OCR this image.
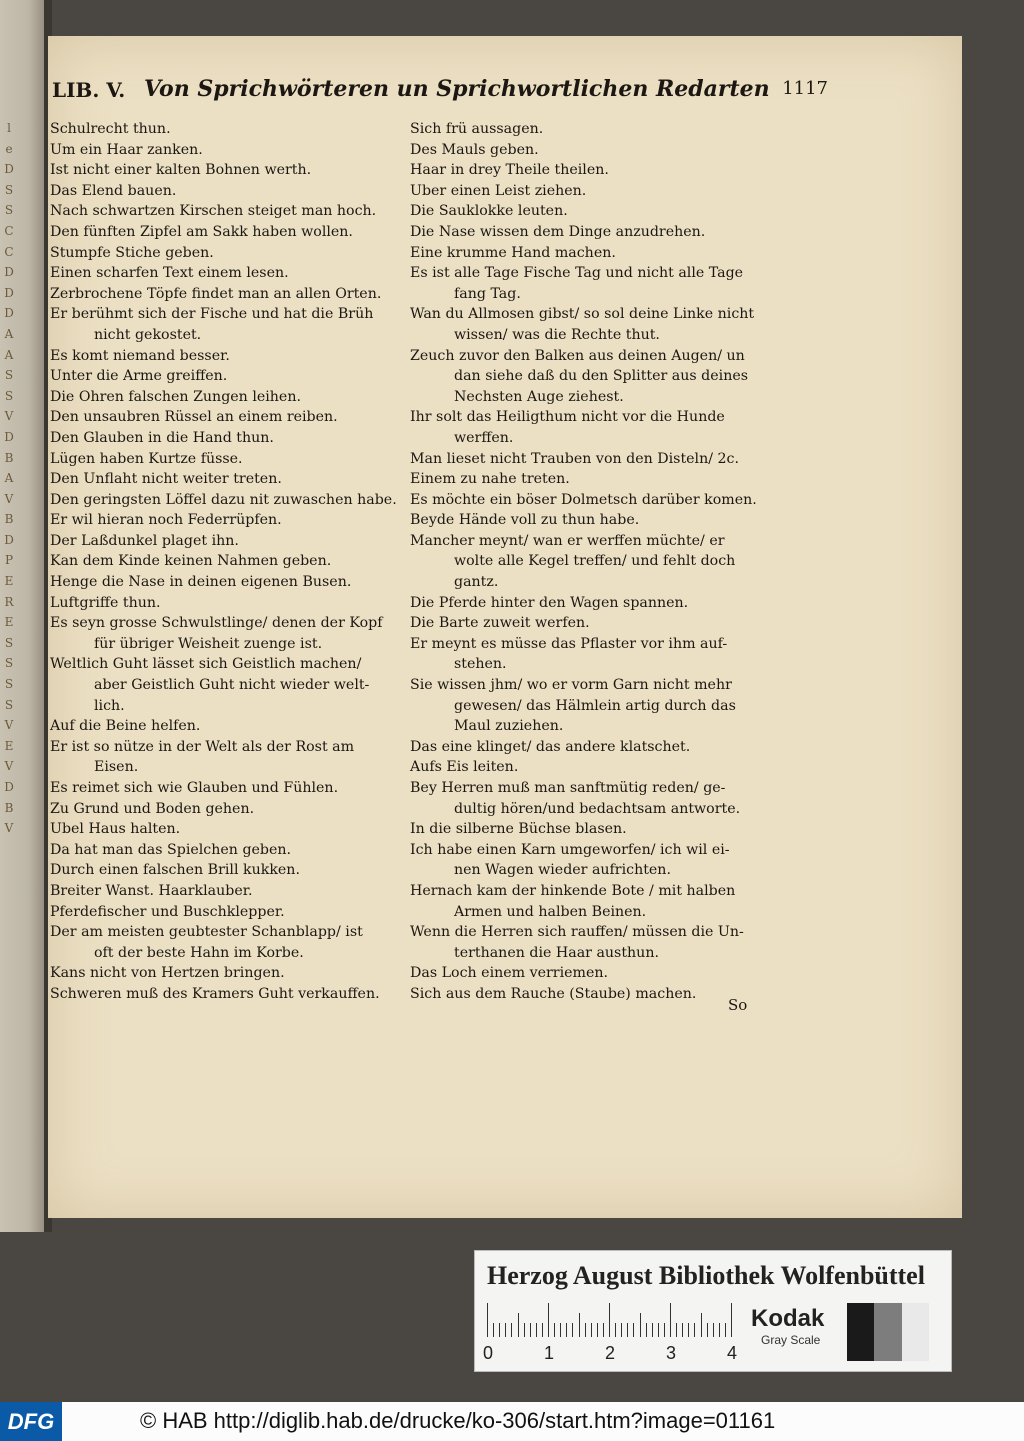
l
e
D
S
S
C
C
D
D
D
A
A
S
S
V
D
B
A
V
B
D
P
E
R
E
S
S
S
S
V
E
V
D
B
V
LIB. V. Von Sprichwörteren un Sprichwortlichen Redarten 1117
Schulrecht thun.
Um ein Haar zanken.
Ist nicht einer kalten Bohnen werth.
Das Elend bauen.
Nach schwartzen Kirschen steiget man hoch.
Den fünften Zipfel am Sakk haben wollen.
Stumpfe Stiche geben.
Einen scharfen Text einem lesen.
Zerbrochene Töpfe findet man an allen Orten.
Er berühmt sich der Fische und hat die Brüh
nicht gekostet.
Es komt niemand besser.
Unter die Arme greiffen.
Die Ohren falschen Zungen leihen.
Den unsaubren Rüssel an einem reiben.
Den Glauben in die Hand thun.
Lügen haben Kurtze füsse.
Den Unflaht nicht weiter treten.
Den geringsten Löffel dazu nit zuwaschen habe.
Er wil hieran noch Federrüpfen.
Der Laßdunkel plaget ihn.
Kan dem Kinde keinen Nahmen geben.
Henge die Nase in deinen eigenen Busen.
Luftgriffe thun.
Es seyn grosse Schwulstlinge/ denen der Kopf
für übriger Weisheit zuenge ist.
Weltlich Guht lässet sich Geistlich machen/
aber Geistlich Guht nicht wieder welt-
lich.
Auf die Beine helfen.
Er ist so nütze in der Welt als der Rost am
Eisen.
Es reimet sich wie Glauben und Fühlen.
Zu Grund und Boden gehen.
Ubel Haus halten.
Da hat man das Spielchen geben.
Durch einen falschen Brill kukken.
Breiter Wanst. Haarklauber.
Pferdefischer und Buschklepper.
Der am meisten geubtester Schanblapp/ ist
oft der beste Hahn im Korbe.
Kans nicht von Hertzen bringen.
Schweren muß des Kramers Guht verkauffen.
Sich frü aussagen.
Des Mauls geben.
Haar in drey Theile theilen.
Uber einen Leist ziehen.
Die Sauklokke leuten.
Die Nase wissen dem Dinge anzudrehen.
Eine krumme Hand machen.
Es ist alle Tage Fische Tag und nicht alle Tage
fang Tag.
Wan du Allmosen gibst/ so sol deine Linke nicht
wissen/ was die Rechte thut.
Zeuch zuvor den Balken aus deinen Augen/ un
dan siehe daß du den Splitter aus deines
Nechsten Auge ziehest.
Ihr solt das Heiligthum nicht vor die Hunde
werffen.
Man lieset nicht Trauben von den Disteln/ 2c.
Einem zu nahe treten.
Es möchte ein böser Dolmetsch darüber komen.
Beyde Hände voll zu thun habe.
Mancher meynt/ wan er werffen müchte/ er
wolte alle Kegel treffen/ und fehlt doch
gantz.
Die Pferde hinter den Wagen spannen.
Die Barte zuweit werfen.
Er meynt es müsse das Pflaster vor ihm auf-
stehen.
Sie wissen jhm/ wo er vorm Garn nicht mehr
gewesen/ das Hälmlein artig durch das
Maul zuziehen.
Das eine klinget/ das andere klatschet.
Aufs Eis leiten.
Bey Herren muß man sanftmütig reden/ ge-
dultig hören/und bedachtsam antworte.
In die silberne Büchse blasen.
Ich habe einen Karn umgeworfen/ ich wil ei-
nen Wagen wieder aufrichten.
Hernach kam der hinkende Bote / mit halben
Armen und halben Beinen.
Wenn die Herren sich rauffen/ müssen die Un-
terthanen die Haar austhun.
Das Loch einem verriemen.
Sich aus dem Rauche (Staube) machen.
So
Herzog August Bibliothek Wolfenbüttel
0	1	2	3	4
Kodak
Gray Scale
DFG	© HAB http://diglib.hab.de/drucke/ko-306/start.htm?image=01161
